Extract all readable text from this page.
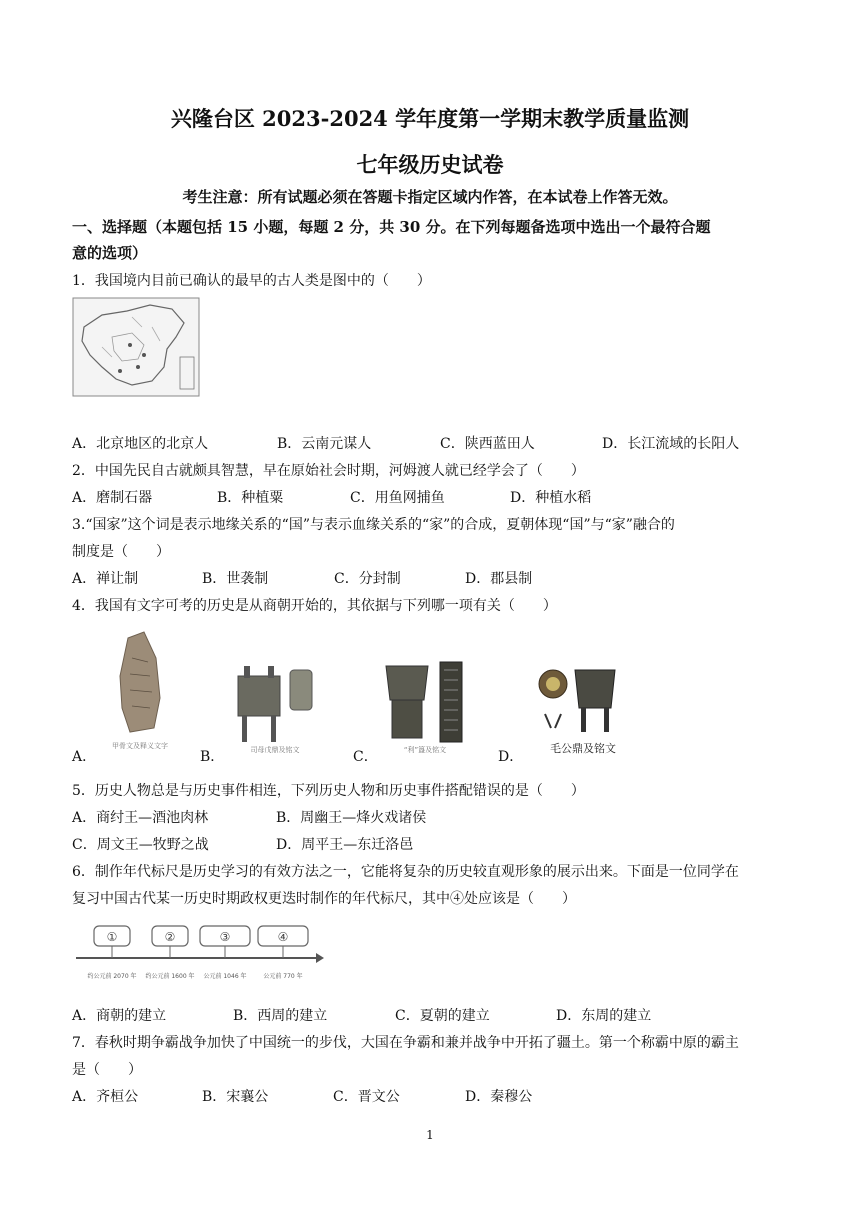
兴隆台区 2023-2024 学年度第一学期末教学质量监测
七年级历史试卷
考生注意：所有试题必须在答题卡指定区域内作答，在本试卷上作答无效。
一、选择题（本题包括 15 小题，每题 2 分，共 30 分。在下列每题备选项中选出一个最符合题
意的选项）
1．我国境内目前已确认的最早的古人类是图中的（　　）
A．北京地区的北京人	B．云南元谋人	C．陕西蓝田人	D．长江流域的长阳人
2．中国先民自古就颇具智慧，早在原始社会时期，河姆渡人就已经学会了（　　）
A．磨制石器	B．种植粟	C．用鱼网捕鱼	D．种植水稻
3.“国家”这个词是表示地缘关系的“国”与表示血缘关系的“家”的合成，夏朝体现“国”与“家”融合的
制度是（　　）
A．禅让制	B．世袭制	C．分封制	D．郡县制
4．我国有文字可考的历史是从商朝开始的，其依据与下列哪一项有关（　　）
甲骨文及释义文字
A．	司母戊鼎及铭文
B．	“利”簋及铭文
C．
毛公鼎及铭文
D．
5．历史人物总是与历史事件相连，下列历史人物和历史事件搭配错误的是（　　）
A．商纣王—酒池肉林	B．周幽王—烽火戏诸侯
C．周文王—牧野之战	D．周平王—东迁洛邑
6．制作年代标尺是历史学习的有效方法之一，它能将复杂的历史较直观形象的展示出来。下面是一位同学在
复习中国古代某一历史时期政权更迭时制作的年代标尺，其中④处应该是（　　）
①	②	③	④
约公元前 2070 年 约公元前 1600 年 公元前 1046 年	公元前 770 年
A．商朝的建立	B．西周的建立	C．夏朝的建立	D．东周的建立
7．春秋时期争霸战争加快了中国统一的步伐，大国在争霸和兼并战争中开拓了疆土。第一个称霸中原的霸主
是（　　）
A．齐桓公	B．宋襄公	C．晋文公	D．秦穆公
1
